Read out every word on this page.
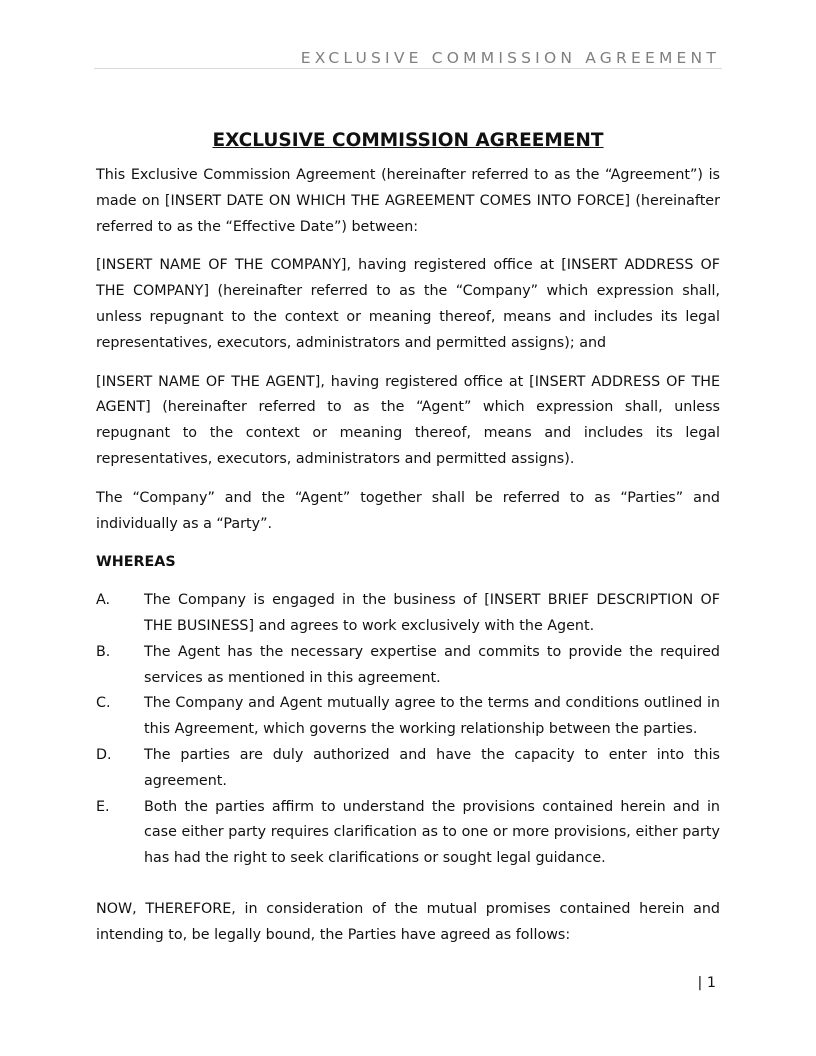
EXCLUSIVE COMMISSION AGREEMENT
EXCLUSIVE COMMISSION AGREEMENT

This Exclusive Commission Agreement (hereinafter referred to as the “Agreement”) is made on [INSERT DATE ON WHICH THE AGREEMENT COMES INTO FORCE] (hereinafter referred to as the “Effective Date”) between:

[INSERT NAME OF THE COMPANY], having registered office at [INSERT ADDRESS OF THE COMPANY] (hereinafter referred to as the “Company” which expression shall, unless repugnant to the context or meaning thereof, means and includes its legal representatives, executors, administrators and permitted assigns); and

[INSERT NAME OF THE AGENT], having registered office at [INSERT ADDRESS OF THE AGENT] (hereinafter referred to as the “Agent” which expression shall, unless repugnant to the context or meaning thereof, means and includes its legal representatives, executors, administrators and permitted assigns).

The “Company” and the “Agent” together shall be referred to as “Parties” and individually as a “Party”.

WHEREAS

A.	The Company is engaged in the business of [INSERT BRIEF DESCRIPTION OF THE BUSINESS] and agrees to work exclusively with the Agent.
B.	The Agent has the necessary expertise and commits to provide the required services as mentioned in this agreement.
C.	The Company and Agent mutually agree to the terms and conditions outlined in this Agreement, which governs the working relationship between the parties.
D.	The parties are duly authorized and have the capacity to enter into this agreement.
E.	Both the parties affirm to understand the provisions contained herein and in case either party requires clarification as to one or more provisions, either party has had the right to seek clarifications or sought legal guidance.

NOW, THEREFORE, in consideration of the mutual promises contained herein and intending to, be legally bound, the Parties have agreed as follows:

| 1
